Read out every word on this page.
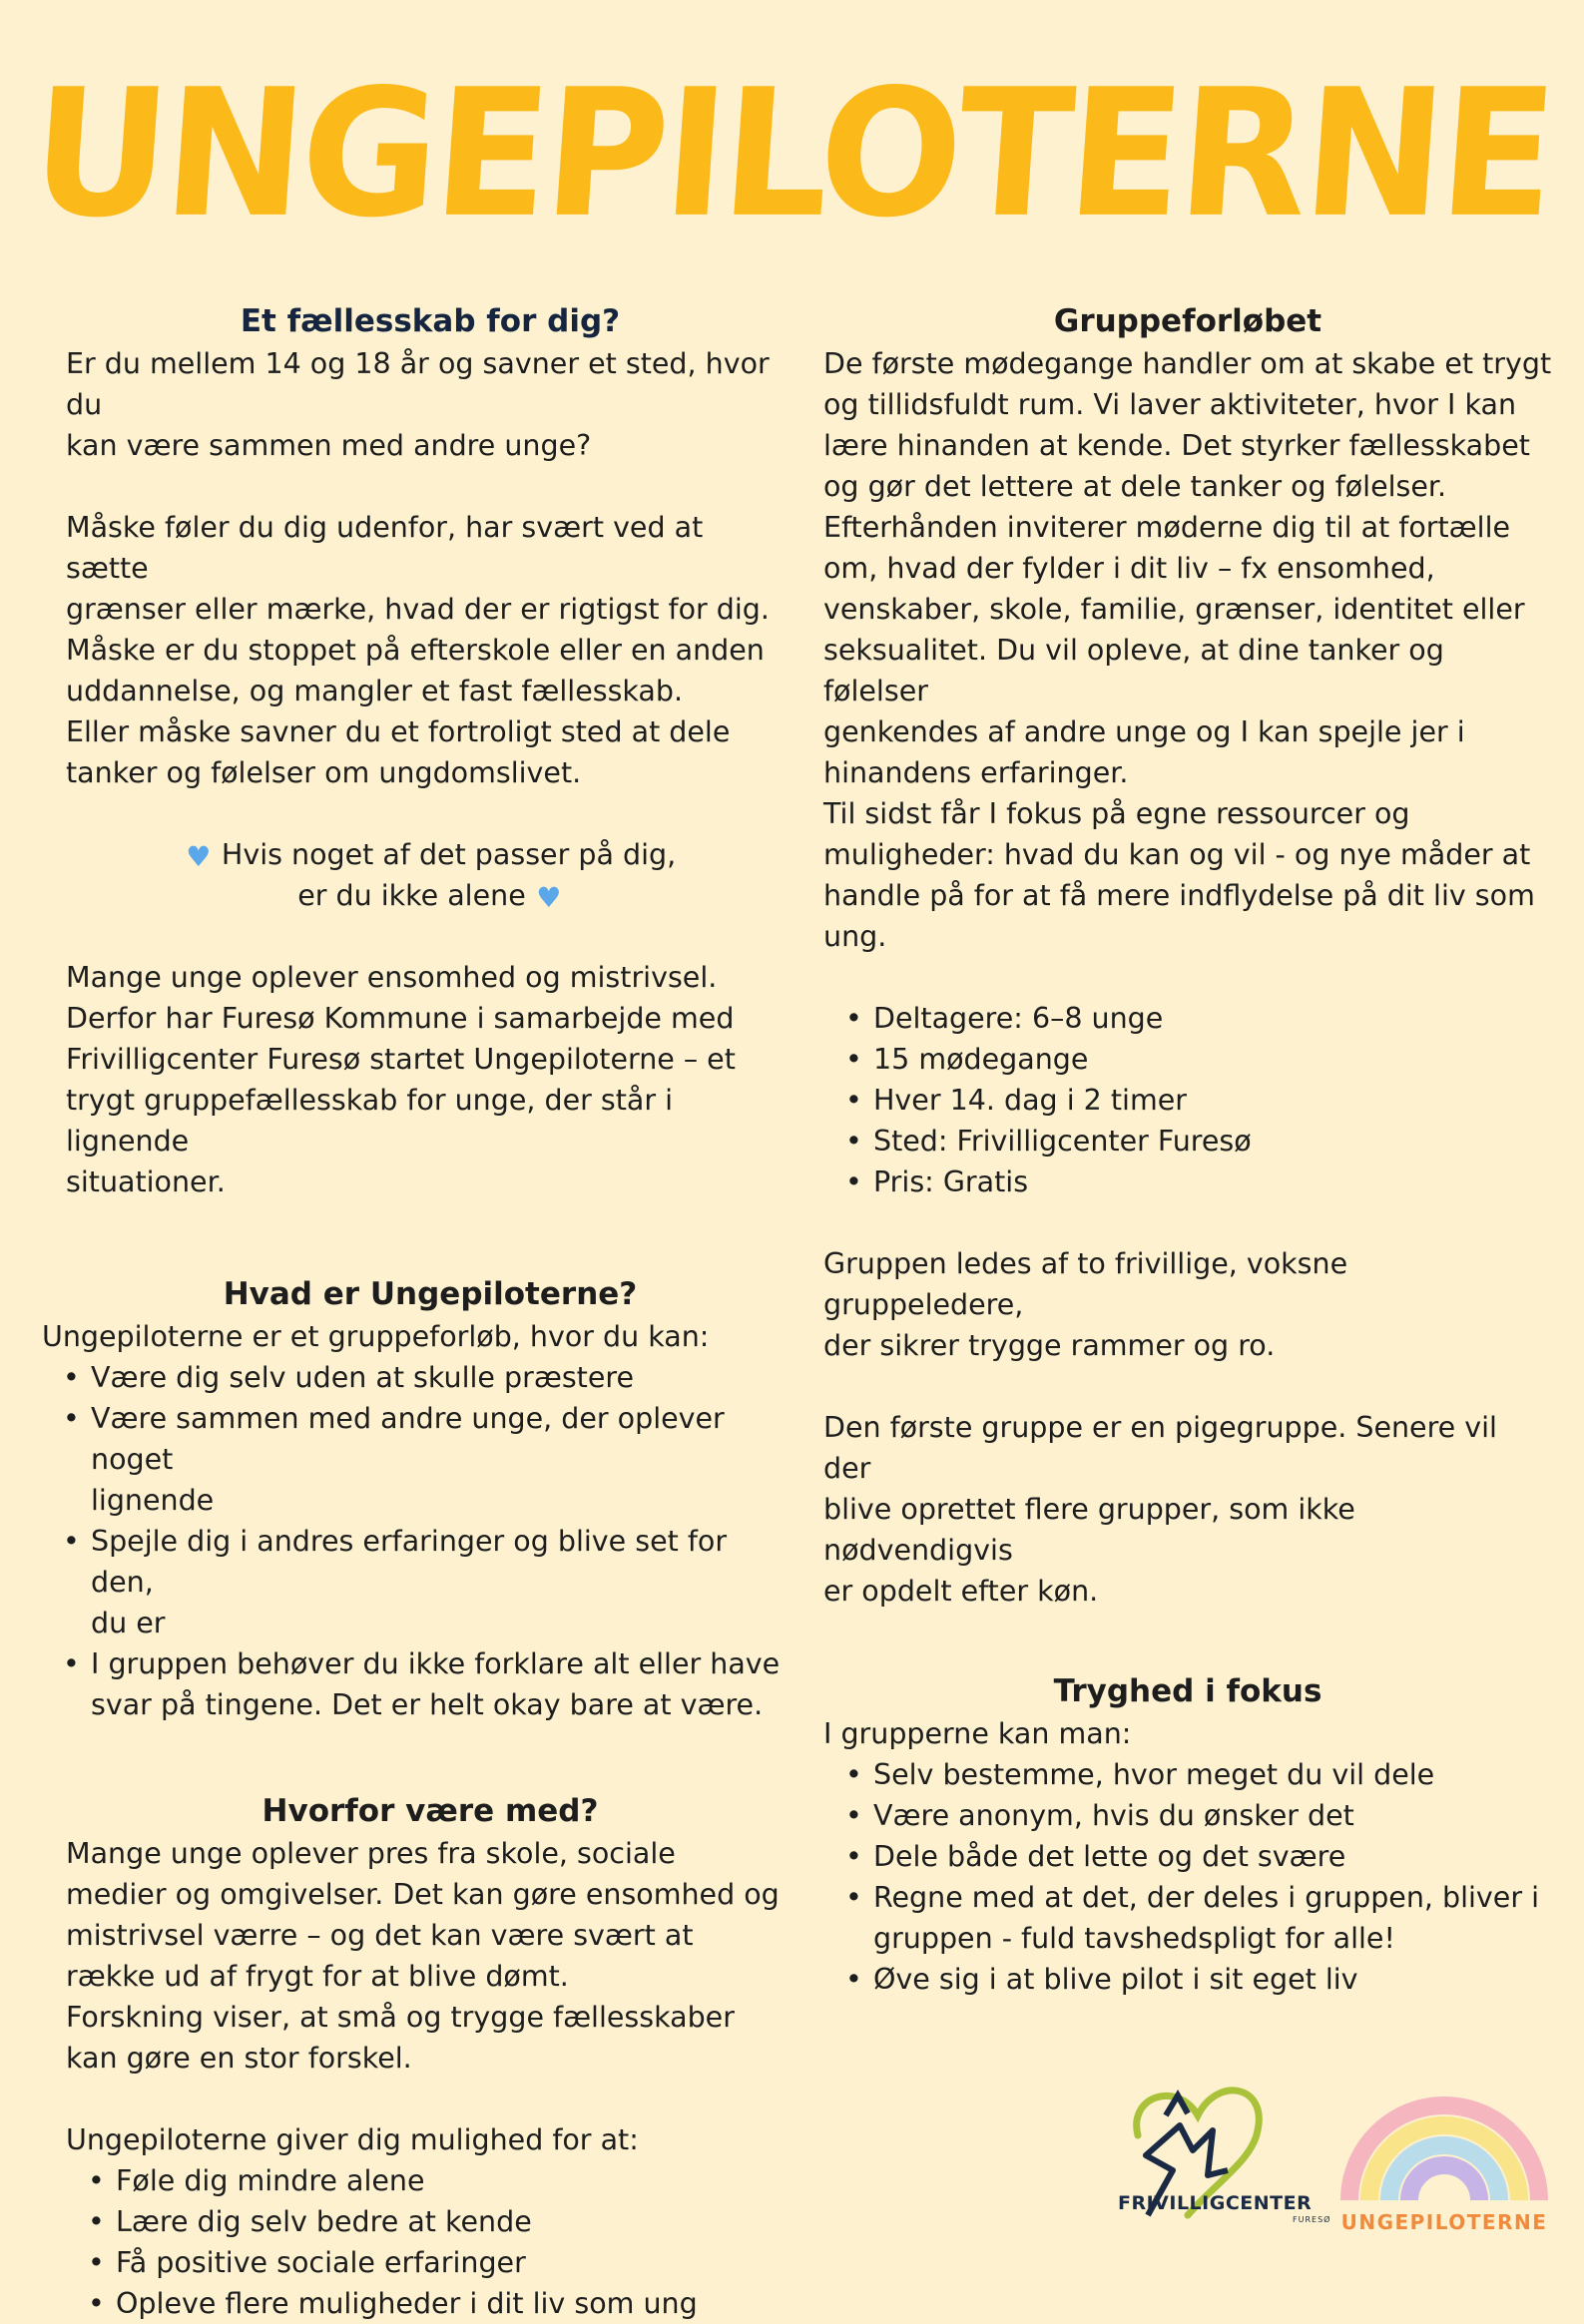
UNGEPILOTERNE
Et fællesskab for dig?

Er du mellem 14 og 18 år og savner et sted, hvor du

kan være sammen med andre unge?

Måske føler du dig udenfor, har svært ved at sætte

grænser eller mærke, hvad der er rigtigst for dig.

Måske er du stoppet på efterskole eller en anden

uddannelse, og mangler et fast fællesskab.

Eller måske savner du et fortroligt sted at dele

tanker og følelser om ungdomslivet.

♥ Hvis noget af det passer på dig,

er du ikke alene ♥

Mange unge oplever ensomhed og mistrivsel.

Derfor har Furesø Kommune i samarbejde med

Frivilligcenter Furesø startet Ungepiloterne – et

trygt gruppefællesskab for unge, der står i lignende

situationer.

Hvad er Ungepiloterne?

Ungepiloterne er et gruppeforløb, hvor du kan:

• Være dig selv uden at skulle præstere
• Være sammen med andre unge, der oplever noget
lignende
• Spejle dig i andres erfaringer og blive set for den,
du er
• I gruppen behøver du ikke forklare alt eller have
svar på tingene. Det er helt okay bare at være.
Hvorfor være med?

Mange unge oplever pres fra skole, sociale

medier og omgivelser. Det kan gøre ensomhed og

mistrivsel værre – og det kan være svært at

række ud af frygt for at blive dømt.

Forskning viser, at små og trygge fællesskaber

kan gøre en stor forskel.

Ungepiloterne giver dig mulighed for at:

• Føle dig mindre alene
• Lære dig selv bedre at kende
• Få positive sociale erfaringer
• Opleve flere muligheder i dit liv som ung
Gruppeforløbet

De første mødegange handler om at skabe et trygt

og tillidsfuldt rum. Vi laver aktiviteter, hvor I kan

lære hinanden at kende. Det styrker fællesskabet

og gør det lettere at dele tanker og følelser.

Efterhånden inviterer møderne dig til at fortælle

om, hvad der fylder i dit liv – fx ensomhed,

venskaber, skole, familie, grænser, identitet eller

seksualitet. Du vil opleve, at dine tanker og følelser

genkendes af andre unge og I kan spejle jer i

hinandens erfaringer.

Til sidst får I fokus på egne ressourcer og

muligheder: hvad du kan og vil - og nye måder at

handle på for at få mere indflydelse på dit liv som

ung.

• Deltagere: 6–8 unge
• 15 mødegange
• Hver 14. dag i 2 timer
• Sted: Frivilligcenter Furesø
• Pris: Gratis

Gruppen ledes af to frivillige, voksne gruppeledere,

der sikrer trygge rammer og ro.

Den første gruppe er en pigegruppe. Senere vil der

blive oprettet flere grupper, som ikke nødvendigvis

er opdelt efter køn.

Tryghed i fokus

I grupperne kan man:

• Selv bestemme, hvor meget du vil dele
• Være anonym, hvis du ønsker det
• Dele både det lette og det svære
• Regne med at det, der deles i gruppen, bliver i
gruppen - fuld tavshedspligt for alle!
• Øve sig i at blive pilot i sit eget liv
FRIVILLIGCENTER
FURESØ UNGEPILOTERNE
